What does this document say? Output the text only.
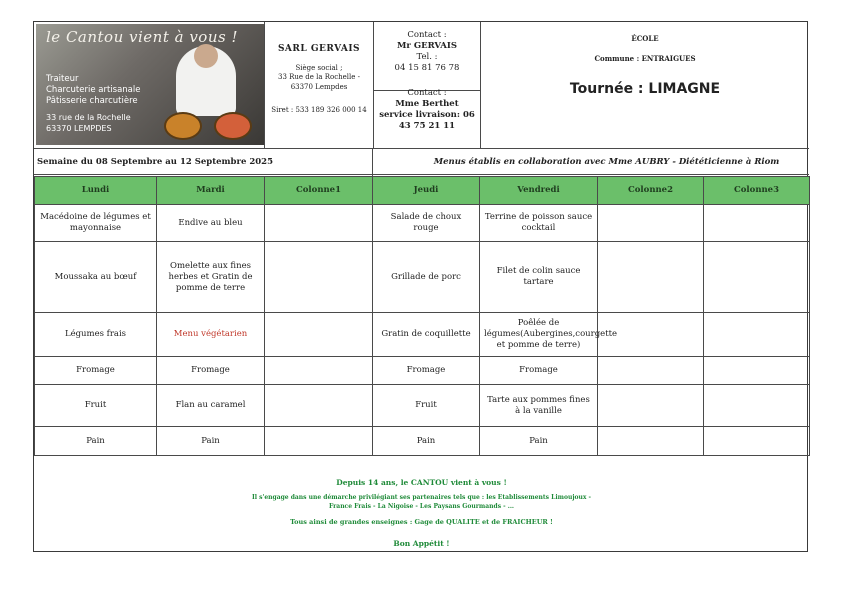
le Cantou vient à vous !
Traiteur
Charcuterie artisanale
Pâtisserie charcutière
33 rue de la Rochelle
63370 LEMPDES
SARL GERVAIS
Siège social ;
33 Rue de la Rochelle -
63370 Lempdes
Siret : 533 189 326 000 14
Contact :
Mr GERVAIS
Tel. :
04 15 81 76 78
Contact :
Mme Berthet
service livraison: 06
43 75 21 11
ÉCOLE
Commune : ENTRAIGUES
Tournée : LIMAGNE
Semaine du 08 Septembre au 12 Septembre 2025	Menus établis en collaboration avec Mme AUBRY - Diététicienne à Riom
Lundi	Mardi	Colonne1	Jeudi	Vendredi	Colonne2	Colonne3
Macédoine de légumes et mayonnaise	Endive au bleu		Salade de choux rouge	Terrine de poisson sauce cocktail		
Moussaka au bœuf	Omelette aux fines herbes et Gratin de pomme de terre		Grillade de porc	Filet de colin sauce tartare		
Légumes frais	Menu végétarien		Gratin de coquillette	Poêlée de légumes(Aubergines,courgette et pomme de terre)		
Fromage	Fromage		Fromage	Fromage		
Fruit	Flan au caramel		Fruit	Tarte aux pommes fines à la vanille		
Pain	Pain		Pain	Pain		
Depuis 14 ans, le CANTOU vient à vous !
Il s'engage dans une démarche privilégiant ses partenaires tels que : les Etablissements Limoujoux -
France Frais - La Nigoise - Les Paysans Gourmands - ...
Tous ainsi de grandes enseignes : Gage de QUALITE et de FRAICHEUR !
Bon Appétit !
